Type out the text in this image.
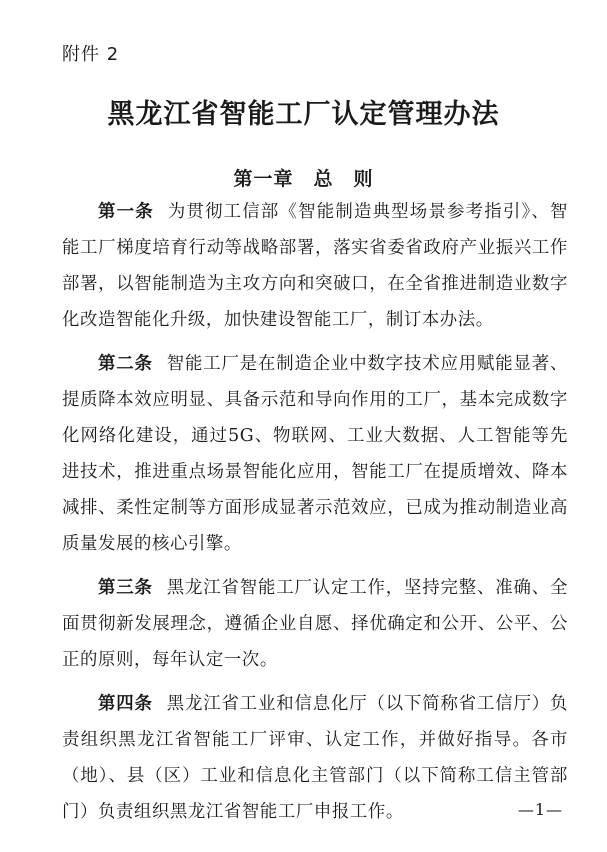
附件 2
黑龙江省智能工厂认定管理办法
第一章　总　则

第一条 为贯彻工信部《智能制造典型场景参考指引》、智能工厂梯度培育行动等战略部署，落实省委省政府产业振兴工作部署，以智能制造为主攻方向和突破口，在全省推进制造业数字化改造智能化升级，加快建设智能工厂，制订本办法。

第二条 智能工厂是在制造企业中数字技术应用赋能显著、提质降本效应明显、具备示范和导向作用的工厂，基本完成数字化网络化建设，通过5G、物联网、工业大数据、人工智能等先进技术，推进重点场景智能化应用，智能工厂在提质增效、降本减排、柔性定制等方面形成显著示范效应，已成为推动制造业高质量发展的核心引擎。

第三条 黑龙江省智能工厂认定工作，坚持完整、准确、全面贯彻新发展理念，遵循企业自愿、择优确定和公开、公平、公正的原则，每年认定一次。

第四条 黑龙江省工业和信息化厅（以下简称省工信厅）负责组织黑龙江省智能工厂评审、认定工作，并做好指导。各市（地）、县（区）工业和信息化主管部门（以下简称工信主管部门）负责组织黑龙江省智能工厂申报工作。	—1—
